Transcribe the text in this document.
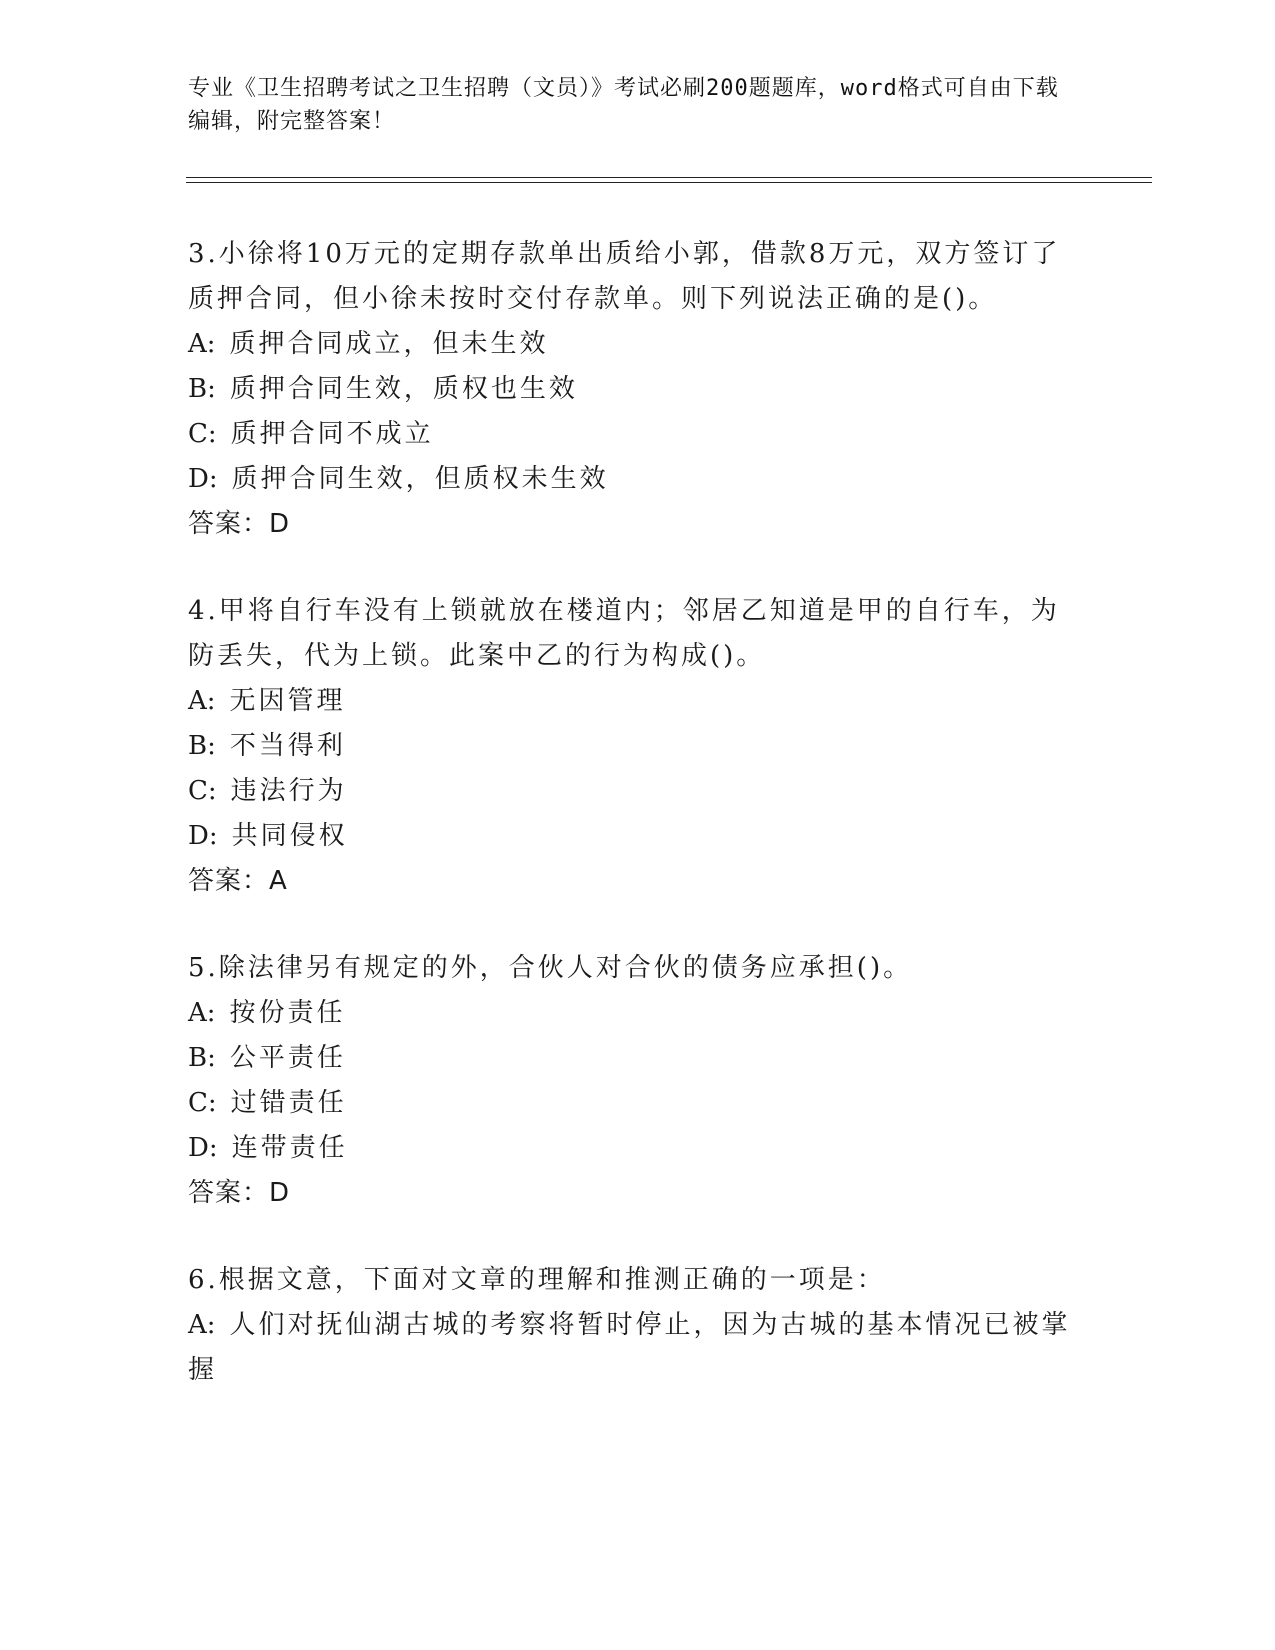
专业《卫生招聘考试之卫生招聘（文员）》考试必刷200题题库，word格式可自由下载编辑，附完整答案！
3.小徐将10万元的定期存款单出质给小郭，借款8万元，双方签订了质押合同，但小徐未按时交付存款单。则下列说法正确的是()。
A: 质押合同成立，但未生效
B: 质押合同生效，质权也生效
C: 质押合同不成立
D: 质押合同生效，但质权未生效
答案：D
4.甲将自行车没有上锁就放在楼道内；邻居乙知道是甲的自行车，为防丢失，代为上锁。此案中乙的行为构成()。
A: 无因管理
B: 不当得利
C: 违法行为
D: 共同侵权
答案：A
5.除法律另有规定的外，合伙人对合伙的债务应承担()。
A: 按份责任
B: 公平责任
C: 过错责任
D: 连带责任
答案：D
6.根据文意，下面对文章的理解和推测正确的一项是：
A: 人们对抚仙湖古城的考察将暂时停止，因为古城的基本情况已被掌握
